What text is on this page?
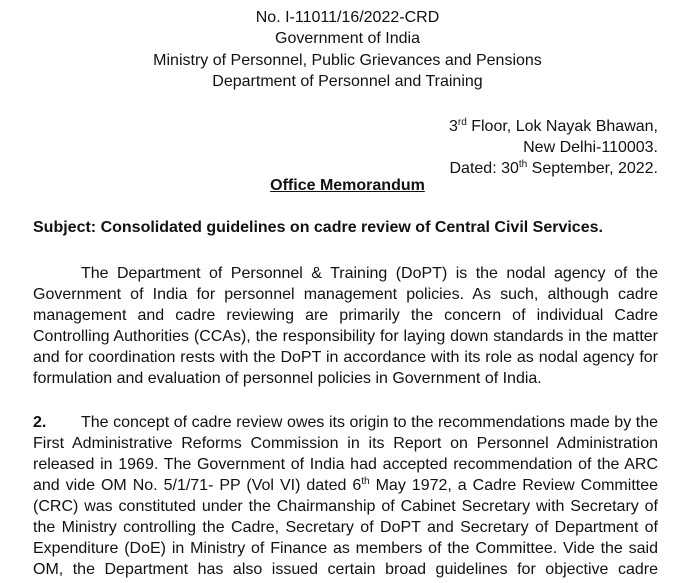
No. I-11011/16/2022-CRD
Government of India
Ministry of Personnel, Public Grievances and Pensions
Department of Personnel and Training
3rd Floor, Lok Nayak Bhawan,
New Delhi-110003.
Dated: 30th September, 2022.
Office Memorandum
Subject: Consolidated guidelines on cadre review of Central Civil Services.
The Department of Personnel & Training (DoPT) is the nodal agency of the
Government of India for personnel management policies. As such, although cadre
management and cadre reviewing are primarily the concern of individual Cadre
Controlling Authorities (CCAs), the responsibility for laying down standards in the matter
and for coordination rests with the DoPT in accordance with its role as nodal agency for
formulation and evaluation of personnel policies in Government of India.
2. The concept of cadre review owes its origin to the recommendations made by the
First Administrative Reforms Commission in its Report on Personnel Administration
released in 1969. The Government of India had accepted recommendation of the ARC
and vide OM No. 5/1/71- PP (Vol VI) dated 6th May 1972, a Cadre Review Committee
(CRC) was constituted under the Chairmanship of Cabinet Secretary with Secretary of
the Ministry controlling the Cadre, Secretary of DoPT and Secretary of Department of
Expenditure (DoE) in Ministry of Finance as members of the Committee. Vide the said
OM, the Department has also issued certain broad guidelines for objective cadre
